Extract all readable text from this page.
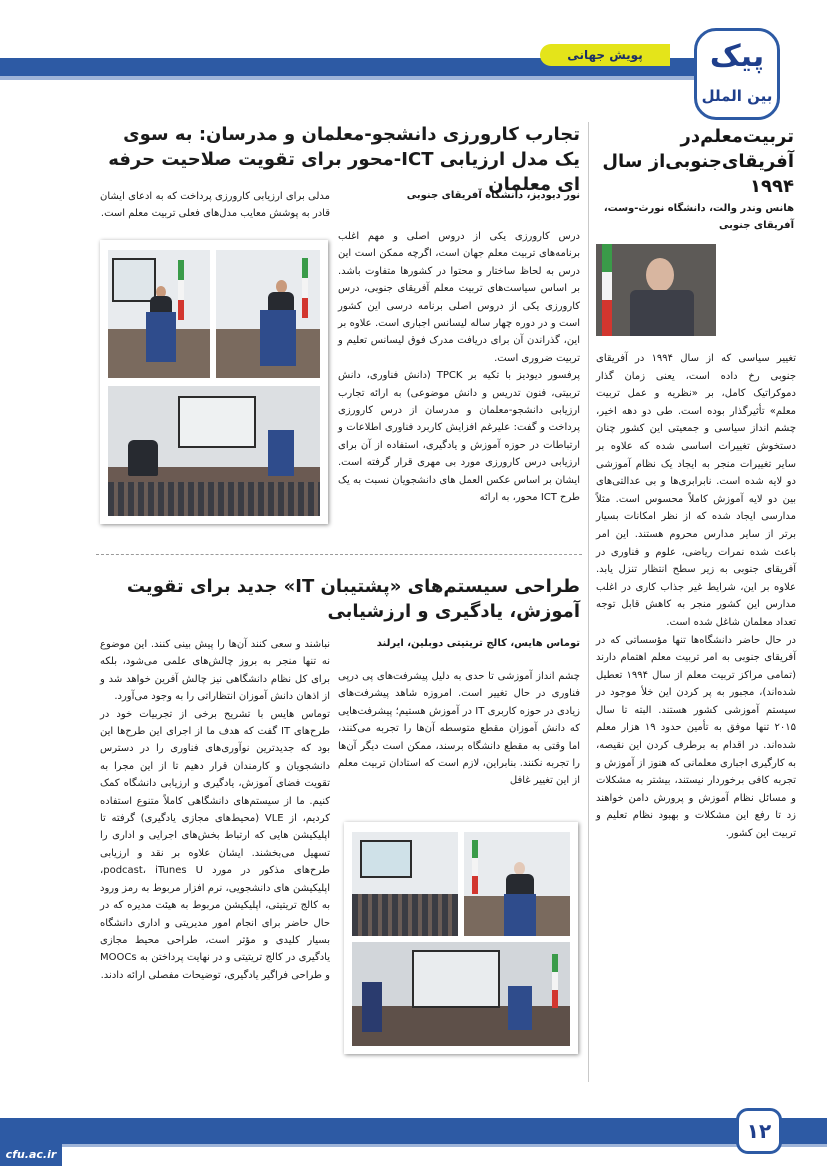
پویش جهانی	پیک
بین الملل
تربیت‌معلم‌در آفریقای‌جنوبی‌از سال ۱۹۹۴
هانس وندر والت، دانشگاه نورث-وست، آفریقای جنوبی

تغییر سیاسی که از سال ۱۹۹۴ در آفریقای جنوبی رخ داده است، یعنی زمان گذار دموکراتیک کامل، بر «نظریه و عمل تربیت معلم» تأثیرگذار بوده است. طی دو دهه اخیر، چشم انداز سیاسی و جمعیتی این کشور چنان دستخوش تغییرات اساسی شده که علاوه بر سایر تغییرات منجر به ایجاد یک نظام آموزشی دو لایه شده است. نابرابری‌ها و بی عدالتی‌های بین دو لایه آموزش کاملاً محسوس است. مثلاً مدارسی ایجاد شده که از نظر امکانات بسیار برتر از سایر مدارس محروم هستند. این امر باعث شده نمرات ریاضی، علوم و فناوری در آفریقای جنوبی به زیر سطح انتظار تنزل یابد. علاوه بر این، شرایط غیر جذاب کاری در اغلب مدارس این کشور منجر به کاهش قابل توجه تعداد معلمان شاغل شده است.

در حال حاضر دانشگاه‌ها تنها مؤسساتی که در آفریقای جنوبی به امر تربیت معلم اهتمام دارند (تمامی مراکز تربیت معلم از سال ۱۹۹۴ تعطیل شده‌اند)، مجبور به پر کردن این خلأ موجود در سیستم آموزشی کشور هستند. البته تا سال ۲۰۱۵ تنها موفق به تأمین حدود ۱۹ هزار معلم شده‌اند. در اقدام به برطرف کردن این نقیصه، به کارگیری اجباری معلمانی که هنوز از آموزش و تجربه کافی برخوردار نیستند، بیشتر به مشکلات و مسائل نظام آموزش و پرورش دامن خواهند زد تا رفع این مشکلات و بهبود نظام تعلیم و تربیت این کشور.

تجارب کارورزی دانشجو-معلمان و مدرسان: به سوی یک مدل ارزیابی ICT-محور برای تقویت صلاحیت حرفه ای معلمان
نور دیودیز، دانشگاه آفریقای جنوبی
مدلی برای ارزیابی کارورزی پرداخت که به ادعای ایشان قادر به پوشش معایب مدل‌های فعلی تربیت معلم است.

درس کارورزی یکی از دروس اصلی و مهم اغلب برنامه‌های تربیت معلم جهان است، اگرچه ممکن است این درس به لحاظ ساختار و محتوا در کشورها متفاوت باشد. بر اساس سیاست‌های تربیت معلم آفریقای جنوبی، درس کارورزی یکی از دروس اصلی برنامه درسی این کشور است و در دوره چهار ساله لیسانس اجباری است. علاوه بر این، گذراندن آن برای دریافت مدرک فوق لیسانس تعلیم و تربیت ضروری است.

پرفسور دیودیز با تکیه بر TPCK (دانش فناوری، دانش تربیتی، فنون تدریس و دانش موضوعی) به ارائه تجارب ارزیابی دانشجو-معلمان و مدرسان از درس کارورزی پرداخت و گفت: علیرغم افزایش کاربرد فناوری اطلاعات و ارتباطات در حوزه آموزش و یادگیری، استفاده از آن برای ارزیابی درس کارورزی مورد بی مهری قرار گرفته است. ایشان بر اساس عکس العمل های دانشجویان نسبت به یک طرح ICT محور، به ارائه

طراحی سیستم‌های «پشتیبان IT» جدید برای تقویت آموزش، یادگیری و ارزشیابی
توماس هایس، کالج تریتیتی دوبلین، ایرلند
چشم انداز آموزشی تا حدی به دلیل پیشرفت‌های پی درپی فناوری در حال تغییر است. امروزه شاهد پیشرفت‌های زیادی در حوزه کاربری IT در آموزش هستیم؛ پیشرفت‌هایی که دانش آموزان مقطع متوسطه آن‌ها را تجربه می‌کنند، اما وقتی به مقطع دانشگاه برسند، ممکن است دیگر آن‌ها را تجربه نکنند. بنابراین، لازم است که استادان تربیت معلم از این تغییر غافل

نباشند و سعی کنند آن‌ها را پیش بینی کنند. این موضوع نه تنها منجر به بروز چالش‌های علمی می‌شود، بلکه برای کل نظام دانشگاهی نیز چالش آفرین خواهد شد و از اذهان دانش آموزان انتظاراتی را به وجود می‌آورد.

توماس هایس با تشریح برخی از تجربیات خود در طرح‌های IT گفت که هدف ما از اجرای این طرح‌ها این بود که جدیدترین نوآوری‌های فناوری را در دسترس دانشجویان و کارمندان قرار دهیم تا از این مجرا به تقویت فضای آموزش، یادگیری و ارزیابی دانشگاه کمک کنیم. ما از سیستم‌های دانشگاهی کاملاً متنوع استفاده کردیم، از VLE (محیط‌های مجازی یادگیری) گرفته تا اپلیکیشن هایی که ارتباط بخش‌های اجرایی و اداری را تسهیل می‌بخشند. ایشان علاوه بر نقد و ارزیابی طرح‌های مذکور در مورد podcast، iTunes U، اپلیکیشن های دانشجویی، نرم افزار مربوط به رمز ورود به کالج تریتیتی، اپلیکیشن مربوط به هیئت مدیره که در حال حاضر برای انجام امور مدیریتی و اداری دانشگاه بسیار کلیدی و مؤثر است، طراحی محیط مجازی یادگیری در کالج تریتیتی و در نهایت پرداختن به MOOCs و طراحی فراگیر یادگیری، توضیحات مفصلی ارائه دادند.

۱۲
cfu.ac.ir
